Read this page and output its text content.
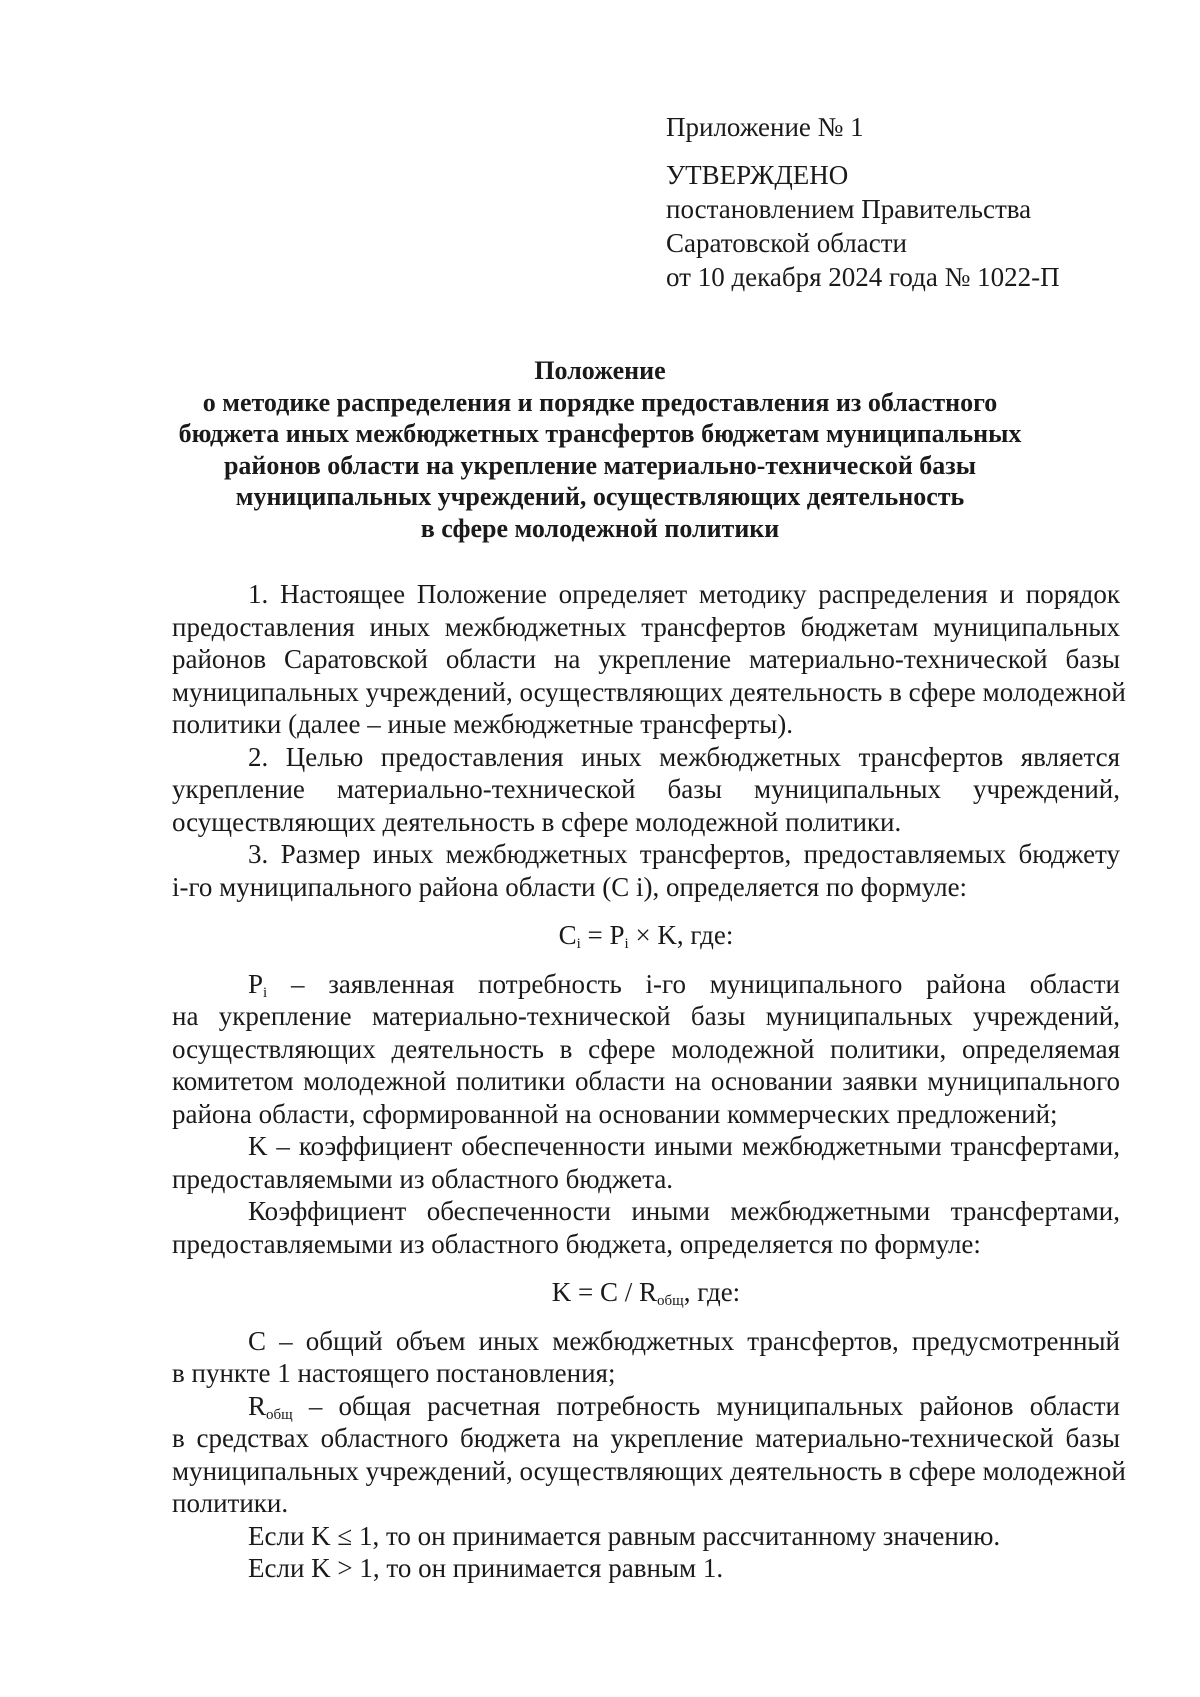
Приложение № 1
УТВЕРЖДЕНО
постановлением Правительства
Саратовской области
от 10 декабря 2024 года № 1022-П
Положение
о методике распределения и порядке предоставления из областного
бюджета иных межбюджетных трансфертов бюджетам муниципальных
районов области на укрепление материально-технической базы
муниципальных учреждений, осуществляющих деятельность
в сфере молодежной политики
1. Настоящее Положение определяет методику распределения и порядок
предоставления иных межбюджетных трансфертов бюджетам муниципальных
районов Саратовской области на укрепление материально-технической базы
муниципальных учреждений, осуществляющих деятельность в сфере молодежной
политики (далее – иные межбюджетные трансферты).
2. Целью предоставления иных межбюджетных трансфертов является
укрепление материально-технической базы муниципальных учреждений,
осуществляющих деятельность в сфере молодежной политики.
3. Размер иных межбюджетных трансфертов, предоставляемых бюджету
i-го муниципального района области (C i), определяется по формуле:
$C_i = P_i \times K$, где:
$P_i$ – заявленная потребность i-го муниципального района области
на укрепление материально-технической базы муниципальных учреждений,
осуществляющих деятельность в сфере молодежной политики, определяемая
комитетом молодежной политики области на основании заявки муниципального
района области, сформированной на основании коммерческих предложений;
K – коэффициент обеспеченности иными межбюджетными трансфертами,
предоставляемыми из областного бюджета.
Коэффициент обеспеченности иными межбюджетными трансфертами,
предоставляемыми из областного бюджета, определяется по формуле:
$K = C / R_{общ}$, где:
C – общий объем иных межбюджетных трансфертов, предусмотренный
в пункте 1 настоящего постановления;
$R_{общ}$ – общая расчетная потребность муниципальных районов области
в средствах областного бюджета на укрепление материально-технической базы
муниципальных учреждений, осуществляющих деятельность в сфере молодежной
политики.
Если K ≤ 1, то он принимается равным рассчитанному значению.
Если K > 1, то он принимается равным 1.
